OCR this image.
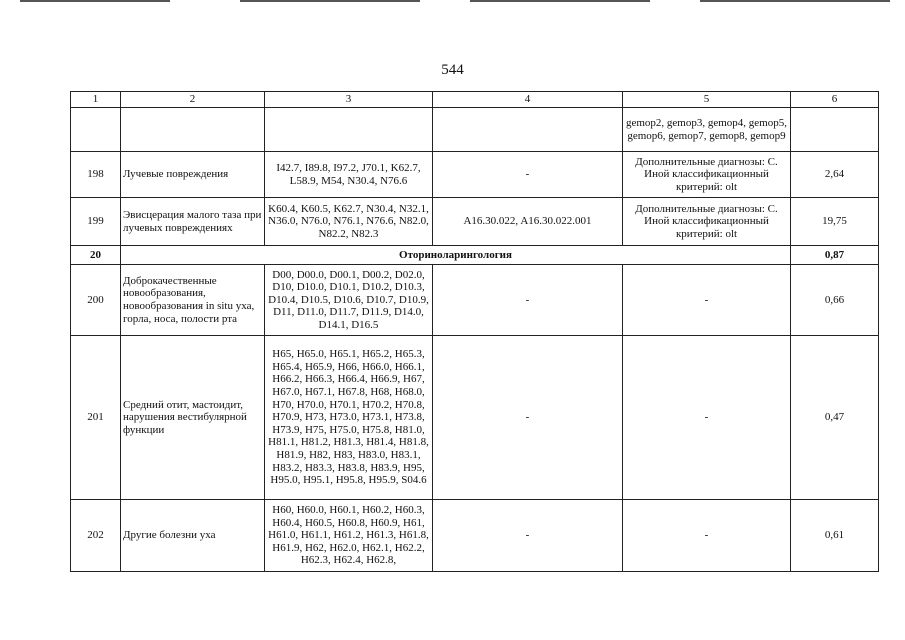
544
1	2	3	4	5	6
				gemop2, gemop3, gemop4, gemop5, gemop6, gemop7, gemop8, gemop9	
198	Лучевые повреждения	I42.7, I89.8, I97.2, J70.1, K62.7, L58.9, M54, N30.4, N76.6	-	Дополнительные диагнозы: C. Иной классификационный критерий: olt	2,64
199	Эвисцерация малого таза при лучевых повреждениях	K60.4, K60.5, K62.7, N30.4, N32.1, N36.0, N76.0, N76.1, N76.6, N82.0, N82.2, N82.3	A16.30.022, A16.30.022.001	Дополнительные диагнозы: C. Иной классификационный критерий: olt	19,75
20	Оториноларингология				0,87
200	Доброкачественные новообразования, новообразования in situ уха, горла, носа, полости рта	D00, D00.0, D00.1, D00.2, D02.0, D10, D10.0, D10.1, D10.2, D10.3, D10.4, D10.5, D10.6, D10.7, D10.9, D11, D11.0, D11.7, D11.9, D14.0, D14.1, D16.5	-	-	0,66
201	Средний отит, мастоидит, нарушения вестибулярной функции	H65, H65.0, H65.1, H65.2, H65.3, H65.4, H65.9, H66, H66.0, H66.1, H66.2, H66.3, H66.4, H66.9, H67, H67.0, H67.1, H67.8, H68, H68.0, H70, H70.0, H70.1, H70.2, H70.8, H70.9, H73, H73.0, H73.1, H73.8, H73.9, H75, H75.0, H75.8, H81.0, H81.1, H81.2, H81.3, H81.4, H81.8, H81.9, H82, H83, H83.0, H83.1, H83.2, H83.3, H83.8, H83.9, H95, H95.0, H95.1, H95.8, H95.9, S04.6	-	-	0,47
202	Другие болезни уха	H60, H60.0, H60.1, H60.2, H60.3, H60.4, H60.5, H60.8, H60.9, H61, H61.0, H61.1, H61.2, H61.3, H61.8, H61.9, H62, H62.0, H62.1, H62.2, H62.3, H62.4, H62.8,	-	-	0,61
